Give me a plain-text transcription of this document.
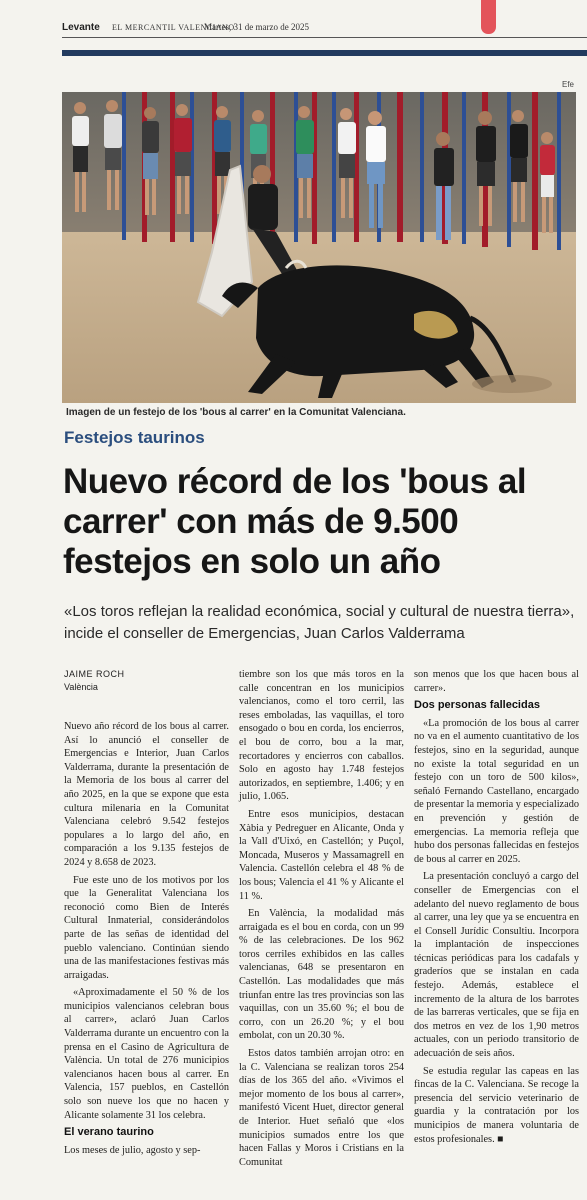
Levante EL MERCANTIL VALENCIANO
Martes, 31 de marzo de 2025
Efe
Imagen de un festejo de los 'bous al carrer' en la Comunitat Valenciana.
Festejos taurinos
Nuevo récord de los 'bous al carrer' con más de 9.500 festejos en solo un año
«Los toros reflejan la realidad económica, social y cultural de nuestra tierra», incide el conseller de Emergencias, Juan Carlos Valderrama
JAIME ROCH
València

Nuevo año récord de los bous al carrer. Así lo anunció el conseller de Emergencias e Interior, Juan Carlos Valderrama, durante la presentación de la Memoria de los bous al carrer del año 2025, en la que se expone que esta cultura milenaria en la Comunitat Valenciana celebró 9.542 festejos populares a lo largo del año, en comparación a los 9.135 festejos de 2024 y 8.658 de 2023.

Fue este uno de los motivos por los que la Generalitat Valenciana los reconoció como Bien de Interés Cultural Inmaterial, considerándolos parte de las señas de identidad del pueblo valenciano. Continúan siendo una de las manifestaciones festivas más arraigadas.

«Aproximadamente el 50 % de los municipios valencianos celebran bous al carrer», aclaró Juan Carlos Valderrama durante un encuentro con la prensa en el Casino de Agricultura de València. Un total de 276 municipios valencianos hacen bous al carrer. En Valencia, 157 pueblos, en Castellón solo son nueve los que no hacen y Alicante solamente 31 los celebra.

El verano taurino

Los meses de julio, agosto y sep-

tiembre son los que más toros en la calle concentran en los municipios valencianos, como el toro cerril, las reses emboladas, las vaquillas, el toro ensogado o bou en corda, los encierros, el bou de corro, bou a la mar, recortadores y encierros con caballos. Solo en agosto hay 1.748 festejos autorizados, en septiembre, 1.406; y en julio, 1.065.

Entre esos municipios, destacan Xàbia y Pedreguer en Alicante, Onda y la Vall d'Uixó, en Castellón; y Puçol, Moncada, Museros y Massamagrell en Valencia. Castellón celebra el 48 % de los bous; Valencia el 41 % y Alicante el 11 %.

En València, la modalidad más arraigada es el bou en corda, con un 99 % de las celebraciones. De los 962 toros cerriles exhibidos en las calles valencianas, 648 se presentaron en Castellón. Las modalidades que más triunfan entre las tres provincias son las vaquillas, con un 35.60 %; el bou de corro, con un 26.20 %; y el bou embolat, con un 20.30 %.

Estos datos también arrojan otro: en la C. Valenciana se realizan toros 254 días de los 365 del año. «Vivimos el mejor momento de los bous al carrer», manifestó Vicent Huet, director general de Interior. Huet señaló que «los municipios sumados entre los que hacen Fallas y Moros i Cristians en la Comunitat

son menos que los que hacen bous al carrer».

Dos personas fallecidas

«La promoción de los bous al carrer no va en el aumento cuantitativo de los festejos, sino en la seguridad, aunque no existe la total seguridad en un festejo con un toro de 500 kilos», señaló Fernando Castellano, encargado de presentar la memoria y especializado en prevención y gestión de emergencias. La memoria refleja que hubo dos personas fallecidas en festejos de bous al carrer en 2025.

La presentación concluyó a cargo del conseller de Emergencias con el adelanto del nuevo reglamento de bous al carrer, una ley que ya se encuentra en el Consell Jurídic Consultiu. Incorpora la implantación de inspecciones técnicas periódicas para los cadafals y graderíos que se instalan en cada festejo. Además, establece el incremento de la altura de los barrotes de las barreras verticales, que se fija en dos metros en vez de los 1,90 metros actuales, con un periodo transitorio de adecuación de seis años.

Se estudia regular las capeas en las fincas de la C. Valenciana. Se recoge la presencia del servicio veterinario de guardia y la contratación por los municipios de manera voluntaria de estos profesionales. ■
